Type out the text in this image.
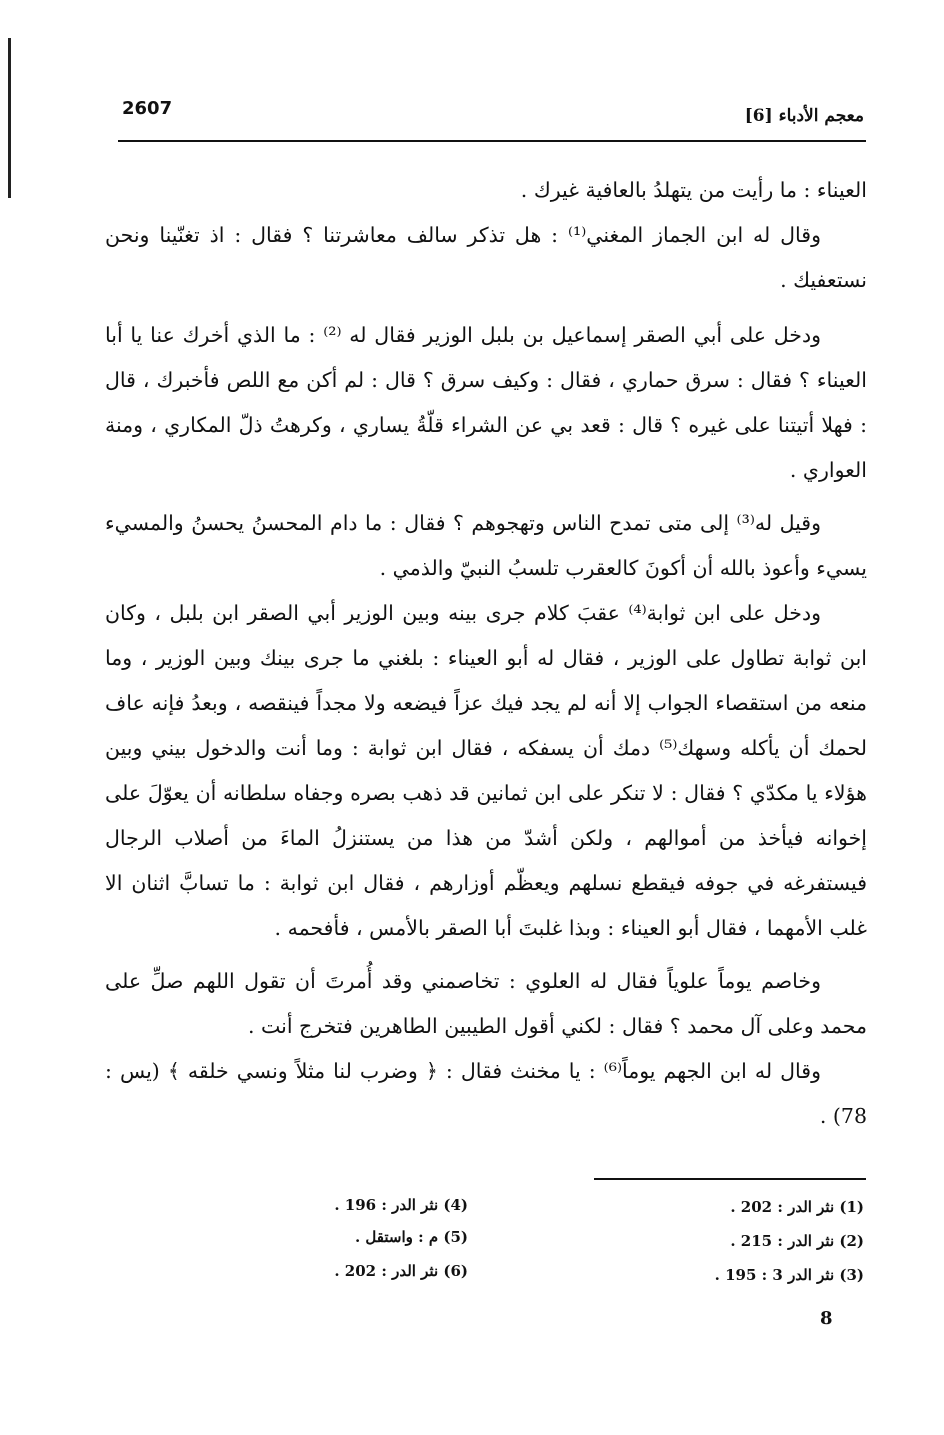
2607	معجم الأدباء [6]

العيناء : ما رأيت من يتهلدُ بالعافية غيرك .

وقال له ابن الجماز المغني⁽¹⁾ : هل تذكر سالف معاشرتنا ؟ فقال : اذ تغنّينا ونحن نستعفيك .

ودخل على أبي الصقر إسماعيل بن بلبل الوزير فقال له ⁽²⁾ : ما الذي أخرك عنا يا أبا العيناء ؟ فقال : سرق حماري ، فقال : وكيف سرق ؟ قال : لم أكن مع اللص فأخبرك ، قال : فهلا أتيتنا على غيره ؟ قال : قعد بي عن الشراء قلّةُ يساري ، وكرهتُ ذلّ المكاري ، ومنة العواري .

وقيل له⁽³⁾ إلى متى تمدح الناس وتهجوهم ؟ فقال : ما دام المحسنُ يحسنُ والمسيء يسيء وأعوذ بالله أن أكونَ كالعقرب تلسبُ النبيّ والذمي .

ودخل على ابن ثوابة⁽⁴⁾ عقبَ كلام جرى بينه وبين الوزير أبي الصقر ابن بلبل ، وكان ابن ثوابة تطاول على الوزير ، فقال له أبو العيناء : بلغني ما جرى بينك وبين الوزير ، وما منعه من استقصاء الجواب إلا أنه لم يجد فيك عزاً فيضعه ولا مجداً فينقصه ، وبعدُ فإنه عاف لحمك أن يأكله وسهك⁽⁵⁾ دمك أن يسفكه ، فقال ابن ثوابة : وما أنت والدخول بيني وبين هؤلاء يا مكدّي ؟ فقال : لا تنكر على ابن ثمانين قد ذهب بصره وجفاه سلطانه أن يعوّلَ على إخوانه فيأخذ من أموالهم ، ولكن أشدّ من هذا من يستنزلُ الماءَ من أصلاب الرجال فيستفرغه في جوفه فيقطع نسلهم ويعظّم أوزارهم ، فقال ابن ثوابة : ما تسابَّ اثنان الا غلب الأمهما ، فقال أبو العيناء : وبذا غلبتَ أبا الصقر بالأمس ، فأفحمه .

وخاصم يوماً علوياً فقال له العلوي : تخاصمني وقد أُمرتَ أن تقول اللهم صلِّ على محمد وعلى آل محمد ؟ فقال : لكني أقول الطيبين الطاهرين فتخرج أنت .

وقال له ابن الجهم يوماً⁽⁶⁾ : يا مخنث فقال : ﴿ وضرب لنا مثلاً ونسي خلقه ﴾ (يس : 78) .

(1) نثر الدر : 202 .
(2) نثر الدر : 215 .
(3) نثر الدر 3 : 195 .
(4) نثر الدر : 196 .
(5) م : واستقل .
(6) نثر الدر : 202 .
8
